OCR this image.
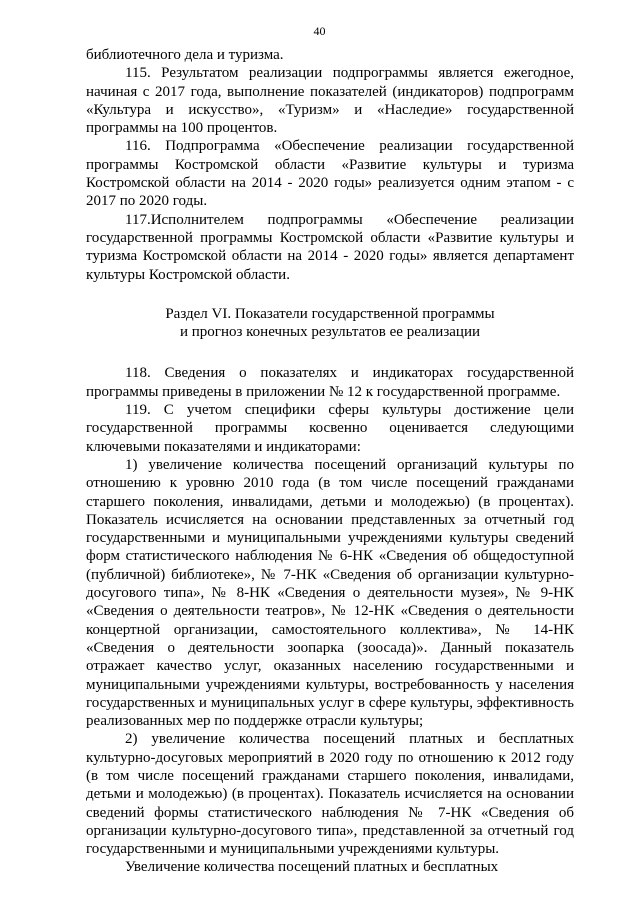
40

библиотечного дела и туризма.

115. Результатом реализации подпрограммы является ежегодное, начиная с 2017 года, выполнение показателей (индикаторов) подпрограмм «Культура и искусство», «Туризм» и «Наследие» государственной программы на 100 процентов.

116. Подпрограмма «Обеспечение реализации государственной программы Костромской области «Развитие культуры и туризма Костромской области на 2014 - 2020 годы» реализуется одним этапом - с 2017 по 2020 годы.

117.Исполнителем подпрограммы «Обеспечение реализации государственной программы Костромской области «Развитие культуры и туризма Костромской области на 2014 - 2020 годы» является департамент культуры Костромской области.

Раздел VI. Показатели государственной программы
и прогноз конечных результатов ее реализации

118. Сведения о показателях и индикаторах государственной программы приведены в приложении № 12 к государственной программе.

119. С учетом специфики сферы культуры достижение цели государственной программы косвенно оценивается следующими ключевыми показателями и индикаторами:

1) увеличение количества посещений организаций культуры по отношению к уровню 2010 года (в том числе посещений гражданами старшего поколения, инвалидами, детьми и молодежью) (в процентах). Показатель исчисляется на основании представленных за отчетный год государственными и муниципальными учреждениями культуры сведений форм статистического наблюдения № 6-НК «Сведения об общедоступной (публичной) библиотеке», № 7-НК «Сведения об организации культурно-досугового типа», № 8-НК «Сведения о деятельности музея», № 9-НК «Сведения о деятельности театров», № 12-НК «Сведения о деятельности концертной организации, самостоятельного коллектива», № 14-НК «Сведения о деятельности зоопарка (зоосада)». Данный показатель отражает качество услуг, оказанных населению государственными и муниципальными учреждениями культуры, востребованность у населения государственных и муниципальных услуг в сфере культуры, эффективность реализованных мер по поддержке отрасли культуры;

2) увеличение количества посещений платных и бесплатных культурно-досуговых мероприятий в 2020 году по отношению к 2012 году (в том числе посещений гражданами старшего поколения, инвалидами, детьми и молодежью) (в процентах). Показатель исчисляется на основании сведений формы статистического наблюдения № 7-НК «Сведения об организации культурно-досугового типа», представленной за отчетный год государственными и муниципальными учреждениями культуры.

Увеличение количества посещений платных и бесплатных
